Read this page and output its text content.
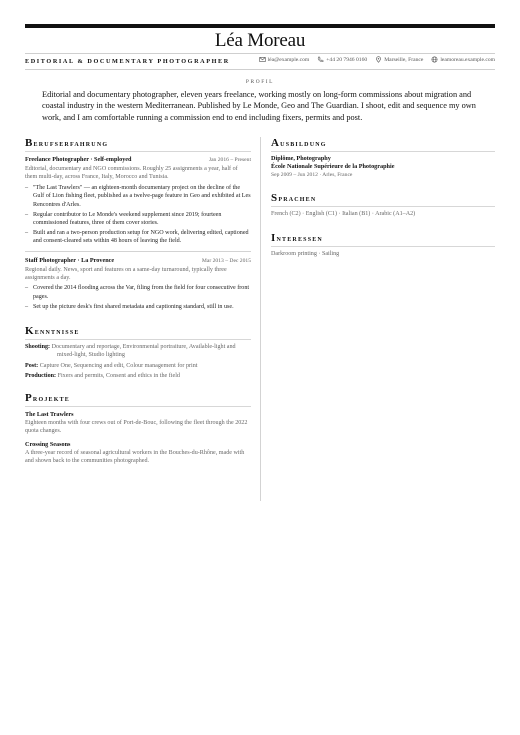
Léa Moreau
EDITORIAL & DOCUMENTARY PHOTOGRAPHER	léa@example.com	+44 20 7946 0160	Marseille, France	leamoreau.example.com
PROFIL
Editorial and documentary photographer, eleven years freelance, working mostly on long-form commissions about migration and coastal industry in the western Mediterranean. Published by Le Monde, Geo and The Guardian. I shoot, edit and sequence my own work, and I am comfortable running a commission end to end including fixers, permits and post.
Berufserfahrung
Freelance Photographer · Self-employed	Jan 2016 – Present
Editorial, documentary and NGO commissions. Roughly 25 assignments a year, half of them multi-day, across France, Italy, Morocco and Tunisia.
– "The Last Trawlers" — an eighteen-month documentary project on the decline of the Gulf of Lion fishing fleet, published as a twelve-page feature in Geo and exhibited at Les Rencontres d'Arles.
– Regular contributor to Le Monde's weekend supplement since 2019; fourteen commissioned features, three of them cover stories.
– Built and ran a two-person production setup for NGO work, delivering edited, captioned and consent-cleared sets within 48 hours of leaving the field.
Staff Photographer · La Provence	Mar 2013 – Dec 2015
Regional daily. News, sport and features on a same-day turnaround, typically three assignments a day.
– Covered the 2014 flooding across the Var, filing from the field for four consecutive front pages.
– Set up the picture desk's first shared metadata and captioning standard, still in use.
Kenntnisse
Shooting: Documentary and reportage, Environmental portraiture, Available-light and mixed-light, Studio lighting
Post: Capture One, Sequencing and edit, Colour management for print
Production: Fixers and permits, Consent and ethics in the field
Projekte
The Last Trawlers
Eighteen months with four crews out of Port-de-Bouc, following the fleet through the 2022 quota changes.
Crossing Seasons
A three-year record of seasonal agricultural workers in the Bouches-du-Rhône, made with and shown back to the communities photographed.
Ausbildung
Diplôme, Photography
École Nationale Supérieure de la Photographie
Sep 2009 – Jun 2012 · Arles, France
Sprachen
French (C2) · English (C1) · Italian (B1) · Arabic (A1–A2)
Interessen
Darkroom printing · Sailing
